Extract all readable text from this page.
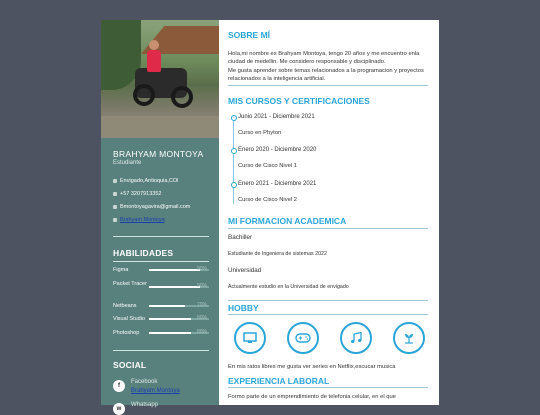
BRAHYAM MONTOYA
Estudiante
Envigado,Antioquia,COl
+57 3207913352
Bmontoyagavira@gmail.com
Brahyam Montoya
HABILIDADES
Figma	90%
Packet Tracer	90%
Netbeans	70%
Visual Studio	80%
Photoshop	80%
SOCIAL
f
Facebook
Brahyam Montoya
w
Whatsapp
SOBRE MÍ
Hola,mi nombre es Brahyam Montoya, tengo 20 años y me encuentro enla ciudad de medellin. Me considero responsable y disciplinado.
Me gusta aprender sobre temas relacionados a la programacion y proyectos relacionados a la inteligencia artificial.
MIS CURSOS Y CERTIFICACIONES
Junio 2021 - Diciembre 2021
Curso en Phyton
Enero 2020 - Diciembre 2020
Curso de Cisco Nivel 1
Enero 2021 - Diciembre 2021
Curso de Cisco Nivel 2
MI FORMACION ACADEMICA
Bachiller
Estudiante de Ingeniera de sistemas 2022
Universidad
Actualmente estudio en la Universidad de envigado
HOBBY
En mis ratos libres me gusta ver series en Netflix,escucar musica
EXPERIENCIA LABORAL
Formo parte de un emprendimiento de telefonia celular, en el que
